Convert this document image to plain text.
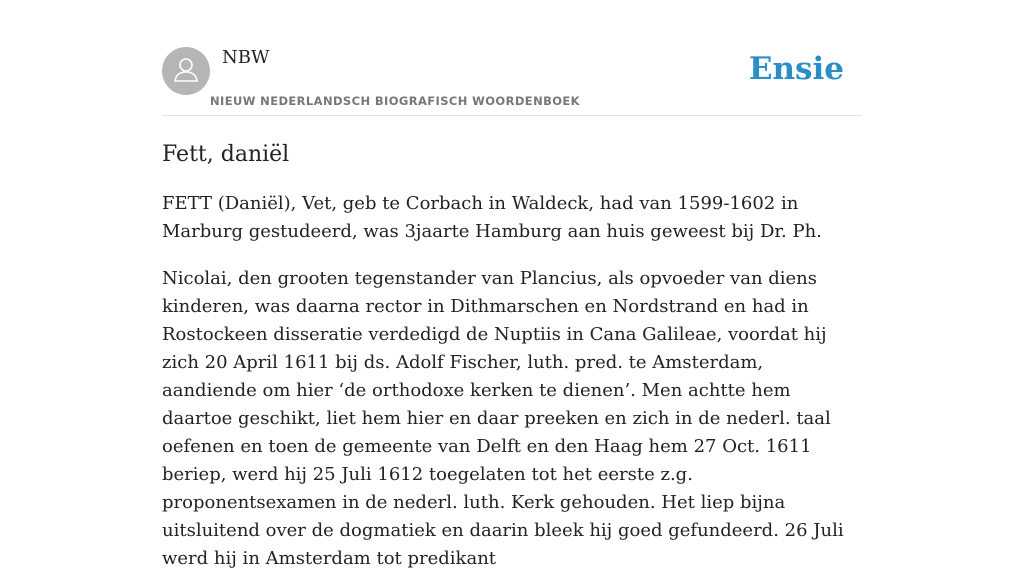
NBW
NIEUW NEDERLANDSCH BIOGRAFISCH WOORDENBOEK
Ensie
Fett, daniël

FETT (Daniël), Vet, geb te Corbach in Waldeck, had van 1599-1602 in Marburg gestudeerd, was 3jaarte Hamburg aan huis geweest bij Dr. Ph.

Nicolai, den grooten tegenstander van Plancius, als opvoeder van diens kinderen, was daarna rector in Dithmarschen en Nordstrand en had in Rostockeen disseratie verdedigd de Nuptiis in Cana Galileae, voordat hij zich 20 April 1611 bij ds. Adolf Fischer, luth. pred. te Amsterdam, aandiende om hier ‘de orthodoxe kerken te dienen’. Men achtte hem daartoe geschikt, liet hem hier en daar preeken en zich in de nederl. taal oefenen en toen de gemeente van Delft en den Haag hem 27 Oct. 1611 beriep, werd hij 25 Juli 1612 toegelaten tot het eerste z.g. proponentsexamen in de nederl. luth. Kerk gehouden. Het liep bijna uitsluitend over de dogmatiek en daarin bleek hij goed gefundeerd. 26 Juli werd hij in Amsterdam tot predikant
